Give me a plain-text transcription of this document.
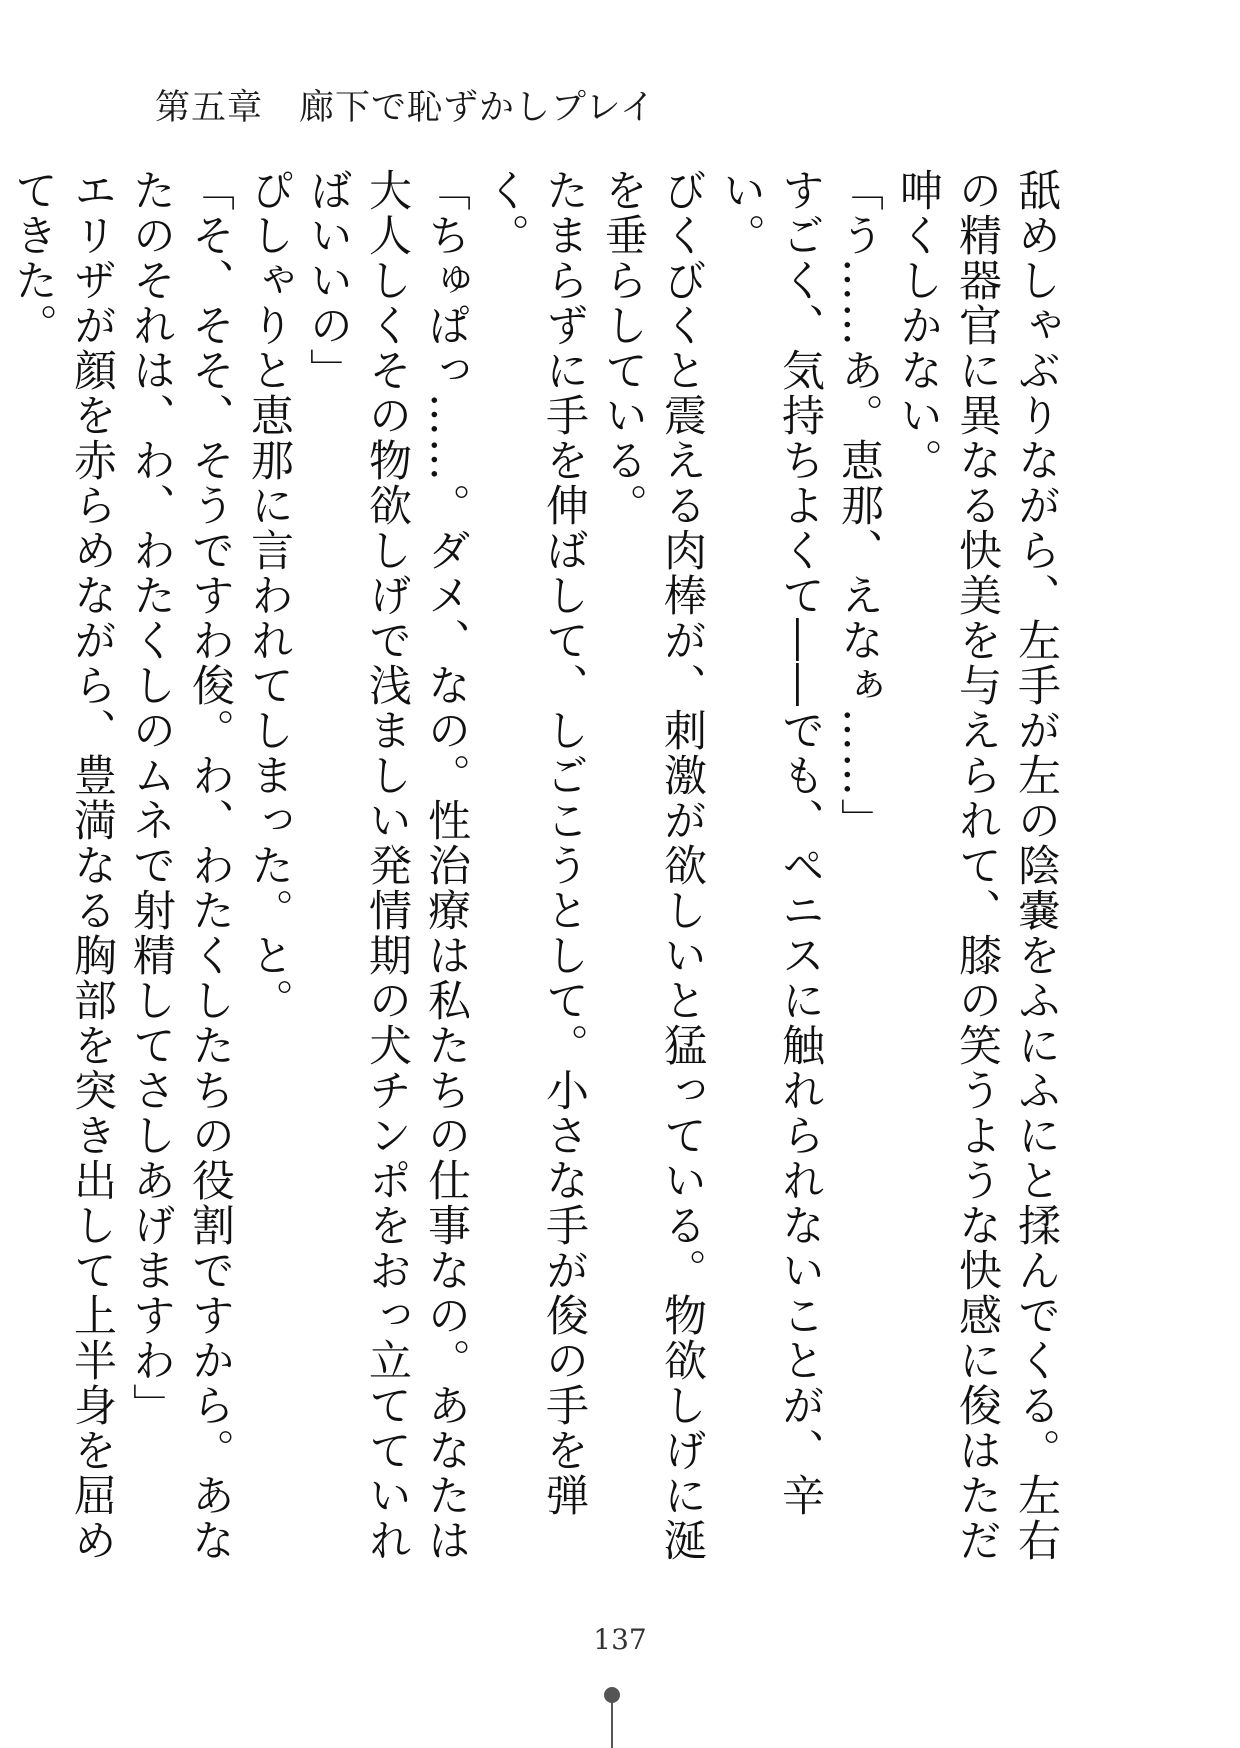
第五章　廊下で恥ずかしプレイ

舐めしゃぶりながら、左手が左の陰嚢をふにふにと揉んでくる。左右の精器官に異なる快美を与えられて、膝の笑うような快感に俊はただ呻くしかない。

「う……あ。恵那、えなぁ……」

すごく、気持ちよくて――でも、ペニスに触れられないことが、辛い。

びくびくと震える肉棒が、刺激が欲しいと猛っている。物欲しげに涎を垂らしている。

たまらずに手を伸ばして、しごこうとして。小さな手が俊の手を弾く。

「ちゅぱっ……。ダメ、なの。性治療は私たちの仕事なの。あなたは大人しくその物欲しげで浅ましい発情期の犬チンポをおっ立てていればいいの」

ぴしゃりと恵那に言われてしまった。と。

「そ、そそ、そうですわ俊。わ、わたくしたちの役割ですから。あなたのそれは、わ、わたくしのムネで射精してさしあげますわ」

エリザが顔を赤らめながら、豊満なる胸部を突き出して上半身を屈めてきた。

137
